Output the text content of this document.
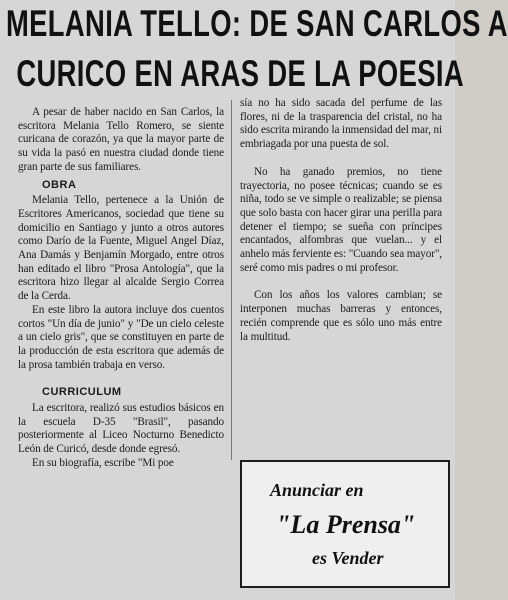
MELANIA TELLO: DE SAN CARLOS A
CURICO EN ARAS DE LA POESIA

A pesar de haber nacido en San Carlos, la escritora Melania Tello Romero, se siente curicana de corazón, ya que la mayor parte de su vida la pasó en nuestra ciudad donde tiene gran parte de sus familiares.

OBRA

Melania Tello, pertenece a la Unión de Escritores Americanos, sociedad que tiene su domicilio en Santiago y junto a otros autores como Darío de la Fuente, Miguel Angel Díaz, Ana Damás y Benjamín Morgado, entre otros han editado el libro "Prosa Antología", que la escritora hizo llegar al alcalde Sergio Correa de la Cerda.

En este libro la autora incluye dos cuentos cortos "Un día de junio" y "De un cielo celeste a un cielo gris", que se constituyen en parte de la producción de esta escritora que además de la prosa también trabaja en verso.

CURRICULUM

La escritora, realizó sus estudios básicos en la escuela D-35 "Brasil", pasando posteriormente al Liceo Nocturno Benedicto León de Curicó, desde donde egresó.

En su biografía, escribe "Mi poe

sía no ha sido sacada del perfume de las flores, ni de la trasparencia del cristal, no ha sido escrita mirando la inmensidad del mar, ni embriagada por una puesta de sol.

No ha ganado premios, no tiene trayectoria, no posee técnicas; cuando se es niña, todo se ve simple o realizable; se piensa que solo basta con hacer girar una perilla para detener el tiempo; se sueña con príncipes encantados, alfombras que vuelan... y el anhelo más ferviente es: "Cuando sea mayor", seré como mis padres o mi profesor.

Con los años los valores cambian; se interponen muchas barreras y entonces, recién comprende que es sólo uno más entre la multitud.

Anunciar en
"La Prensa"
es Vender
